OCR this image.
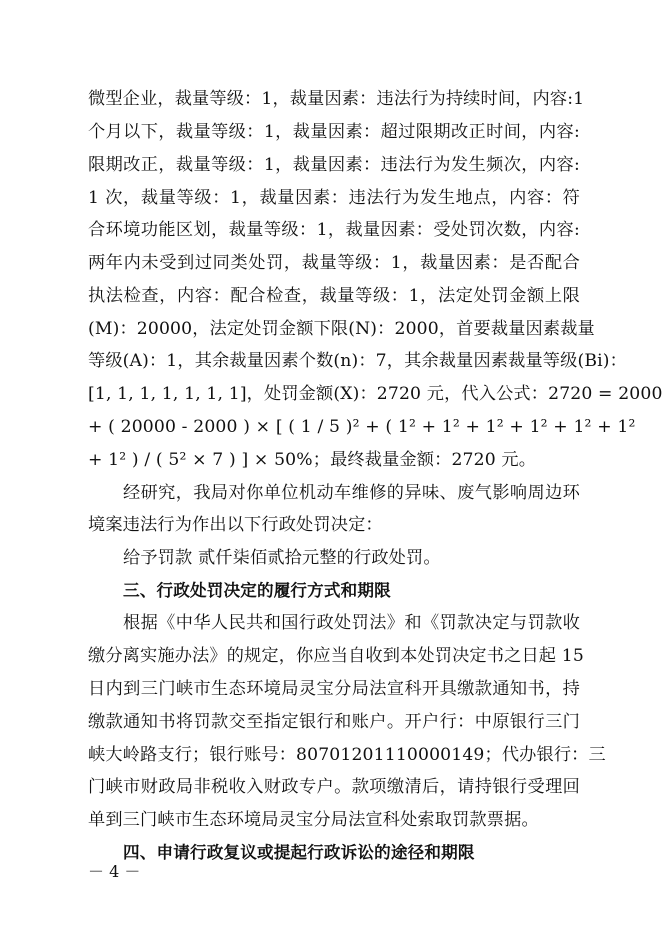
微型企业，裁量等级：1，裁量因素：违法行为持续时间，内容:1
个月以下，裁量等级：1，裁量因素：超过限期改正时间，内容:
限期改正，裁量等级：1，裁量因素：违法行为发生频次，内容:
1 次，裁量等级：1，裁量因素：违法行为发生地点，内容：符
合环境功能区划，裁量等级：1，裁量因素：受处罚次数，内容:
两年内未受到过同类处罚，裁量等级：1，裁量因素：是否配合
执法检查，内容：配合检查，裁量等级：1，法定处罚金额上限
(M)：20000，法定处罚金额下限(N)：2000，首要裁量因素裁量
等级(A)：1，其余裁量因素个数(n)：7，其余裁量因素裁量等级(Bi)：
[1, 1, 1, 1, 1, 1, 1]，处罚金额(X)：2720 元，代入公式：2720 = 2000
+ ( 20000 - 2000 ) × [ ( 1 / 5 )² + ( 1² + 1² + 1² + 1² + 1² + 1²
+ 1² ) / ( 5² × 7 ) ] × 50%；最终裁量金额：2720 元。
经研究，我局对你单位机动车维修的异味、废气影响周边环
境案违法行为作出以下行政处罚决定：
给予罚款 贰仟柒佰贰拾元整的行政处罚。
三、行政处罚决定的履行方式和期限
根据《中华人民共和国行政处罚法》和《罚款决定与罚款收
缴分离实施办法》的规定，你应当自收到本处罚决定书之日起 15
日内到三门峡市生态环境局灵宝分局法宣科开具缴款通知书，持
缴款通知书将罚款交至指定银行和账户。开户行：中原银行三门
峡大岭路支行；银行账号：80701201110000149；代办银行：三
门峡市财政局非税收入财政专户。款项缴清后，请持银行受理回
单到三门峡市生态环境局灵宝分局法宣科处索取罚款票据。
四、申请行政复议或提起行政诉讼的途径和期限
－ 4 －
